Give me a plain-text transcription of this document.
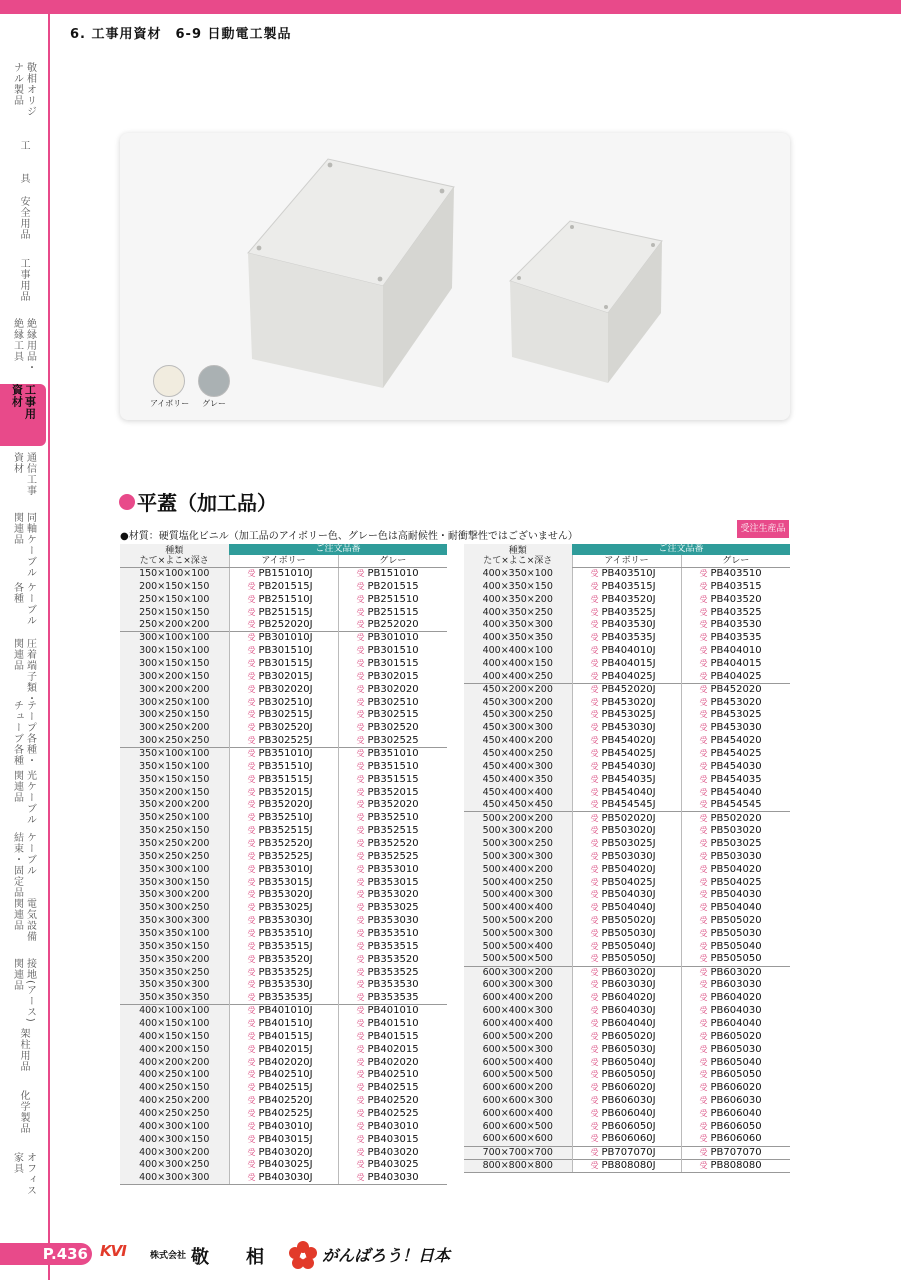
6. 工事用資材　6-9 日動電工製品
敬相オリジ
ナル製品
工　　具
安全用品
工事用品
絶縁用品・
絶縁工具
工事用
資材
通信工事
資材
同軸ケーブル
関連品
ケーブル
各種
圧着端子類・
関連品
テープ各種・
チューブ各種
光ケーブル
関連品
ケーブル
結束・固定品
電気設備
関連品
接地(アース)
関連品
架柱用品
化学製品
オフィス
家具
アイボリー グレー
平蓋（加工品）
●材質：硬質塩化ビニル（加工品のアイボリー色、グレー色は高耐候性・耐衝撃性ではございません）
受注生産品
種類
たて×よこ×深さ	ご注文品番	
	アイボリー	グレー
150×100×100	受 PB151010J	受 PB151010
200×150×150	受 PB201515J	受 PB201515
250×150×100	受 PB251510J	受 PB251510
250×150×150	受 PB251515J	受 PB251515
250×200×200	受 PB252020J	受 PB252020
300×100×100	受 PB301010J	受 PB301010
300×150×100	受 PB301510J	受 PB301510
300×150×150	受 PB301515J	受 PB301515
300×200×150	受 PB302015J	受 PB302015
300×200×200	受 PB302020J	受 PB302020
300×250×100	受 PB302510J	受 PB302510
300×250×150	受 PB302515J	受 PB302515
300×250×200	受 PB302520J	受 PB302520
300×250×250	受 PB302525J	受 PB302525
350×100×100	受 PB351010J	受 PB351010
350×150×100	受 PB351510J	受 PB351510
350×150×150	受 PB351515J	受 PB351515
350×200×150	受 PB352015J	受 PB352015
350×200×200	受 PB352020J	受 PB352020
350×250×100	受 PB352510J	受 PB352510
350×250×150	受 PB352515J	受 PB352515
350×250×200	受 PB352520J	受 PB352520
350×250×250	受 PB352525J	受 PB352525
350×300×100	受 PB353010J	受 PB353010
350×300×150	受 PB353015J	受 PB353015
350×300×200	受 PB353020J	受 PB353020
350×300×250	受 PB353025J	受 PB353025
350×300×300	受 PB353030J	受 PB353030
350×350×100	受 PB353510J	受 PB353510
350×350×150	受 PB353515J	受 PB353515
350×350×200	受 PB353520J	受 PB353520
350×350×250	受 PB353525J	受 PB353525
350×350×300	受 PB353530J	受 PB353530
350×350×350	受 PB353535J	受 PB353535
400×100×100	受 PB401010J	受 PB401010
400×150×100	受 PB401510J	受 PB401510
400×150×150	受 PB401515J	受 PB401515
400×200×150	受 PB402015J	受 PB402015
400×200×200	受 PB402020J	受 PB402020
400×250×100	受 PB402510J	受 PB402510
400×250×150	受 PB402515J	受 PB402515
400×250×200	受 PB402520J	受 PB402520
400×250×250	受 PB402525J	受 PB402525
400×300×100	受 PB403010J	受 PB403010
400×300×150	受 PB403015J	受 PB403015
400×300×200	受 PB403020J	受 PB403020
400×300×250	受 PB403025J	受 PB403025
400×300×300	受 PB403030J	受 PB403030
種類
たて×よこ×深さ	ご注文品番	
	アイボリー	グレー
400×350×100	受 PB403510J	受 PB403510
400×350×150	受 PB403515J	受 PB403515
400×350×200	受 PB403520J	受 PB403520
400×350×250	受 PB403525J	受 PB403525
400×350×300	受 PB403530J	受 PB403530
400×350×350	受 PB403535J	受 PB403535
400×400×100	受 PB404010J	受 PB404010
400×400×150	受 PB404015J	受 PB404015
400×400×250	受 PB404025J	受 PB404025
450×200×200	受 PB452020J	受 PB452020
450×300×200	受 PB453020J	受 PB453020
450×300×250	受 PB453025J	受 PB453025
450×300×300	受 PB453030J	受 PB453030
450×400×200	受 PB454020J	受 PB454020
450×400×250	受 PB454025J	受 PB454025
450×400×300	受 PB454030J	受 PB454030
450×400×350	受 PB454035J	受 PB454035
450×400×400	受 PB454040J	受 PB454040
450×450×450	受 PB454545J	受 PB454545
500×200×200	受 PB502020J	受 PB502020
500×300×200	受 PB503020J	受 PB503020
500×300×250	受 PB503025J	受 PB503025
500×300×300	受 PB503030J	受 PB503030
500×400×200	受 PB504020J	受 PB504020
500×400×250	受 PB504025J	受 PB504025
500×400×300	受 PB504030J	受 PB504030
500×400×400	受 PB504040J	受 PB504040
500×500×200	受 PB505020J	受 PB505020
500×500×300	受 PB505030J	受 PB505030
500×500×400	受 PB505040J	受 PB505040
500×500×500	受 PB505050J	受 PB505050
600×300×200	受 PB603020J	受 PB603020
600×300×300	受 PB603030J	受 PB603030
600×400×200	受 PB604020J	受 PB604020
600×400×300	受 PB604030J	受 PB604030
600×400×400	受 PB604040J	受 PB604040
600×500×200	受 PB605020J	受 PB605020
600×500×300	受 PB605030J	受 PB605030
600×500×400	受 PB605040J	受 PB605040
600×500×500	受 PB605050J	受 PB605050
600×600×200	受 PB606020J	受 PB606020
600×600×300	受 PB606030J	受 PB606030
600×600×400	受 PB606040J	受 PB606040
600×600×500	受 PB606050J	受 PB606050
600×600×600	受 PB606060J	受 PB606060
700×700×700	受 PB707070J	受 PB707070
800×800×800	受 PB808080J	受 PB808080
P.436 KVI	株式会社 敬 相	がんばろう！日本
